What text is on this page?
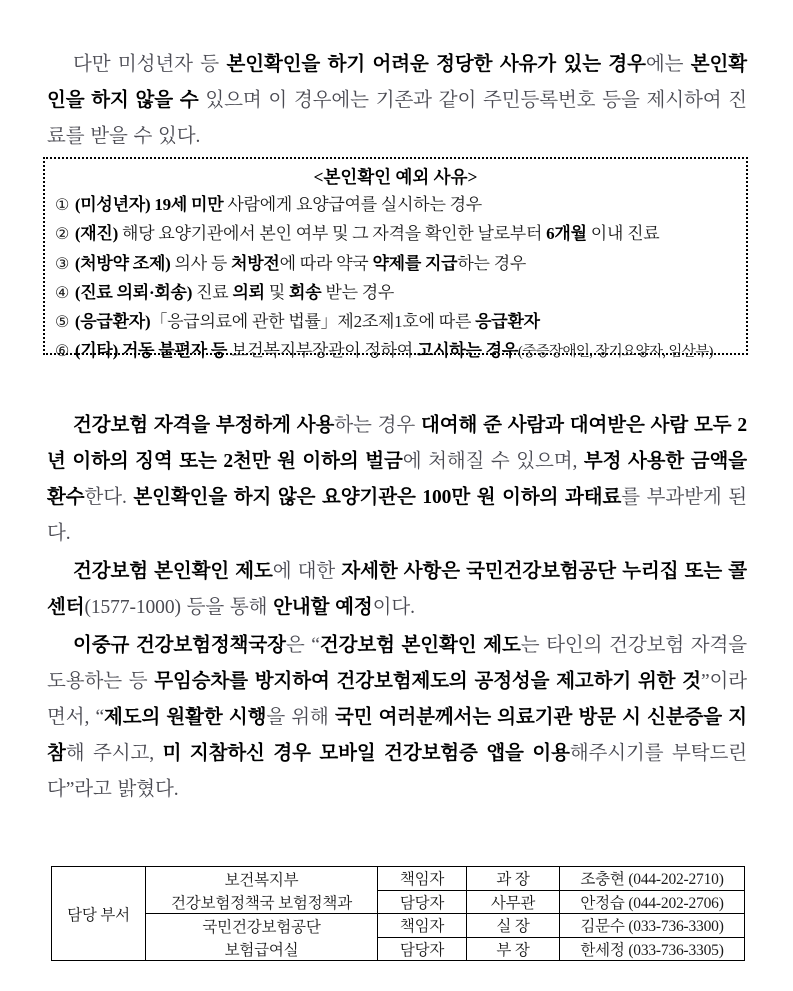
다만 미성년자 등 본인확인을 하기 어려운 정당한 사유가 있는 경우에는 본인확인을 하지 않을 수 있으며 이 경우에는 기존과 같이 주민등록번호 등을 제시하여 진료를 받을 수 있다.

<본인확인 예외 사유>
① (미성년자) 19세 미만 사람에게 요양급여를 실시하는 경우
② (재진) 해당 요양기관에서 본인 여부 및 그 자격을 확인한 날로부터 6개월 이내 진료
③ (처방약 조제) 의사 등 처방전에 따라 약국 약제를 지급하는 경우
④ (진료 의뢰·회송) 진료 의뢰 및 회송 받는 경우
⑤ (응급환자)「응급의료에 관한 법률」제2조제1호에 따른 응급환자
⑥ (기타) 거동 불편자 등 보건복지부장관이 정하여 고시하는 경우(중증장애인, 장기요양자, 임산부)

건강보험 자격을 부정하게 사용하는 경우 대여해 준 사람과 대여받은 사람 모두 2년 이하의 징역 또는 2천만 원 이하의 벌금에 처해질 수 있으며, 부정 사용한 금액을 환수한다. 본인확인을 하지 않은 요양기관은 100만 원 이하의 과태료를 부과받게 된다.

건강보험 본인확인 제도에 대한 자세한 사항은 국민건강보험공단 누리집 또는 콜센터(1577-1000) 등을 통해 안내할 예정이다.

이중규 건강보험정책국장은 “건강보험 본인확인 제도는 타인의 건강보험 자격을 도용하는 등 무임승차를 방지하여 건강보험제도의 공정성을 제고하기 위한 것”이라면서, “제도의 원활한 시행을 위해 국민 여러분께서는 의료기관 방문 시 신분증을 지참해 주시고, 미 지참하신 경우 모바일 건강보험증 앱을 이용해주시기를 부탁드린다”라고 밝혔다.

담당 부서	보건복지부	책임자	과 장	조충현 (044-202-2710)
	건강보험정책국 보험정책과	담당자	사무관	안정습 (044-202-2706)
	국민건강보험공단	책임자	실 장	김문수 (033-736-3300)
	보험급여실	담당자	부 장	한세정 (033-736-3305)
